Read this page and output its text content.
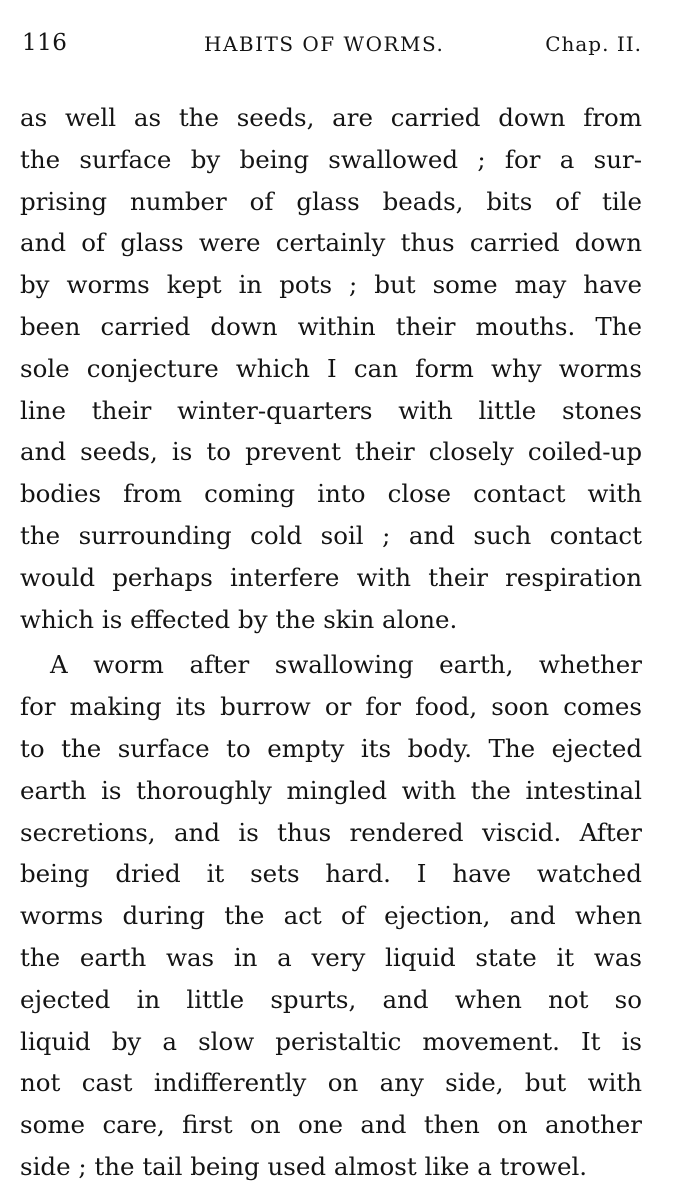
116	HABITS OF WORMS.	Chap. II.
as well as the seeds, are carried down from
the surface by being swallowed ; for a sur-
prising number of glass beads, bits of tile
and of glass were certainly thus carried down
by worms kept in pots ; but some may have
been carried down within their mouths. The
sole conjecture which I can form why worms
line their winter-quarters with little stones
and seeds, is to prevent their closely coiled-up
bodies from coming into close contact with
the surrounding cold soil ; and such contact
would perhaps interfere with their respiration
which is effected by the skin alone.
A worm after swallowing earth, whether
for making its burrow or for food, soon comes
to the surface to empty its body. The ejected
earth is thoroughly mingled with the intestinal
secretions, and is thus rendered viscid. After
being dried it sets hard. I have watched
worms during the act of ejection, and when
the earth was in a very liquid state it was
ejected in little spurts, and when not so
liquid by a slow peristaltic movement. It is
not cast indifferently on any side, but with
some care, first on one and then on another
side ; the tail being used almost like a trowel.
